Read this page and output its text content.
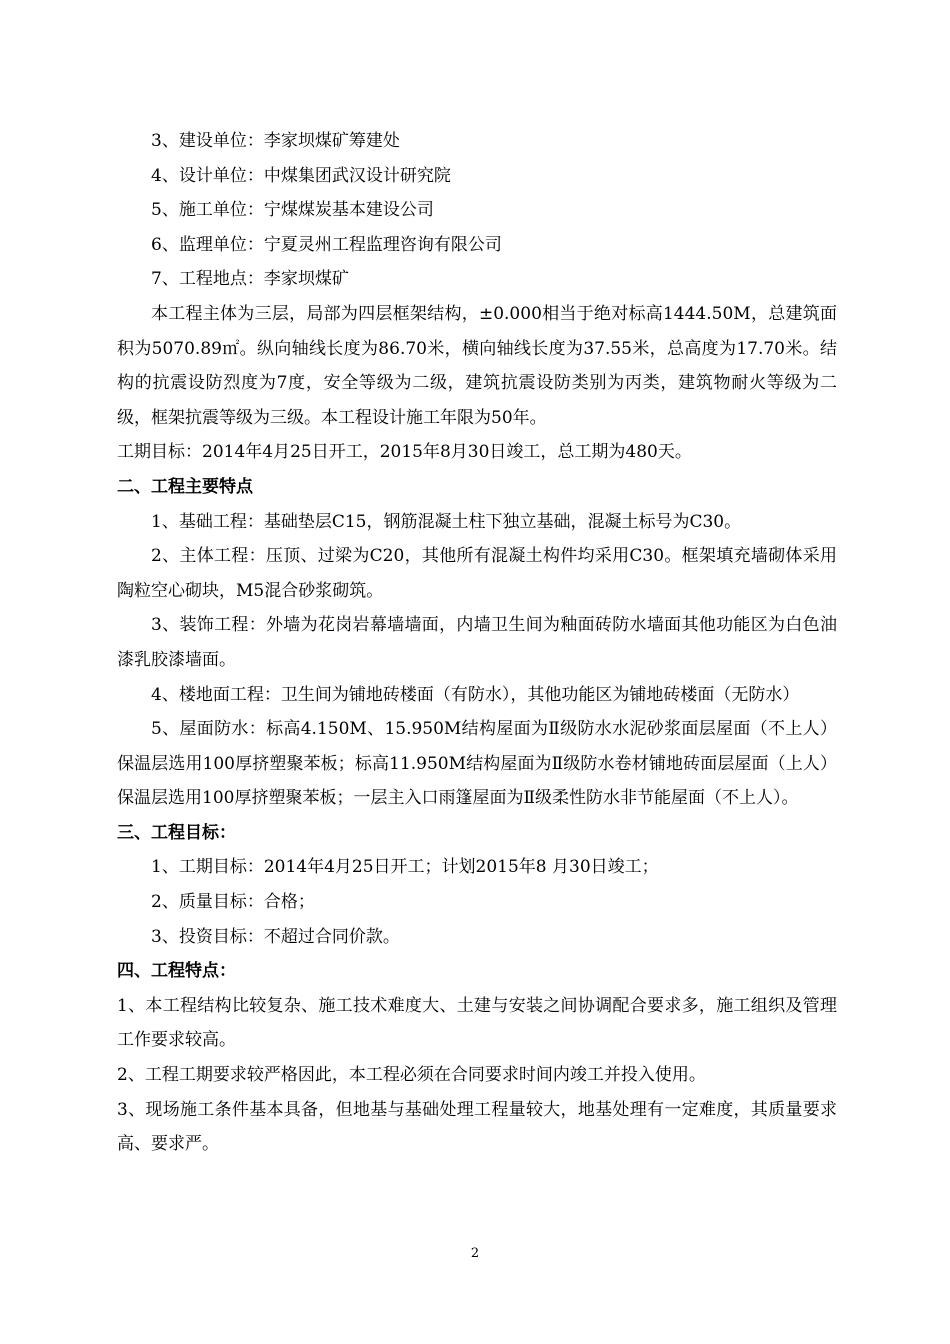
3、建设单位：李家坝煤矿筹建处

4、设计单位：中煤集团武汉设计研究院

5、施工单位：宁煤煤炭基本建设公司

6、监理单位：宁夏灵州工程监理咨询有限公司

7、工程地点：李家坝煤矿

本工程主体为三层，局部为四层框架结构，±0.000相当于绝对标高1444.50M，总建筑面积为5070.89㎡。纵向轴线长度为86.70米，横向轴线长度为37.55米，总高度为17.70米。结构的抗震设防烈度为7度，安全等级为二级，建筑抗震设防类别为丙类，建筑物耐火等级为二级，框架抗震等级为三级。本工程设计施工年限为50年。

工期目标：2014年4月25日开工，2015年8月30日竣工，总工期为480天。

二、工程主要特点

1、基础工程：基础垫层C15，钢筋混凝土柱下独立基础，混凝土标号为C30。

2、主体工程：压顶、过梁为C20，其他所有混凝土构件均采用C30。框架填充墙砌体采用陶粒空心砌块，M5混合砂浆砌筑。

3、装饰工程：外墙为花岗岩幕墙墙面，内墙卫生间为釉面砖防水墙面其他功能区为白色油漆乳胶漆墙面。

4、楼地面工程：卫生间为铺地砖楼面（有防水），其他功能区为铺地砖楼面（无防水）

5、屋面防水：标高4.150M、15.950M结构屋面为Ⅱ级防水水泥砂浆面层屋面（不上人）保温层选用100厚挤塑聚苯板；标高11.950M结构屋面为Ⅱ级防水卷材铺地砖面层屋面（上人）保温层选用100厚挤塑聚苯板；一层主入口雨篷屋面为Ⅱ级柔性防水非节能屋面（不上人）。

三、工程目标：

1、工期目标：2014年4月25日开工；计划2015年8 月30日竣工；

2、质量目标：合格；

3、投资目标：不超过合同价款。

四、工程特点：

1、本工程结构比较复杂、施工技术难度大、土建与安装之间协调配合要求多，施工组织及管理工作要求较高。

2、工程工期要求较严格因此，本工程必须在合同要求时间内竣工并投入使用。

3、现场施工条件基本具备，但地基与基础处理工程量较大，地基处理有一定难度，其质量要求高、要求严。

2
